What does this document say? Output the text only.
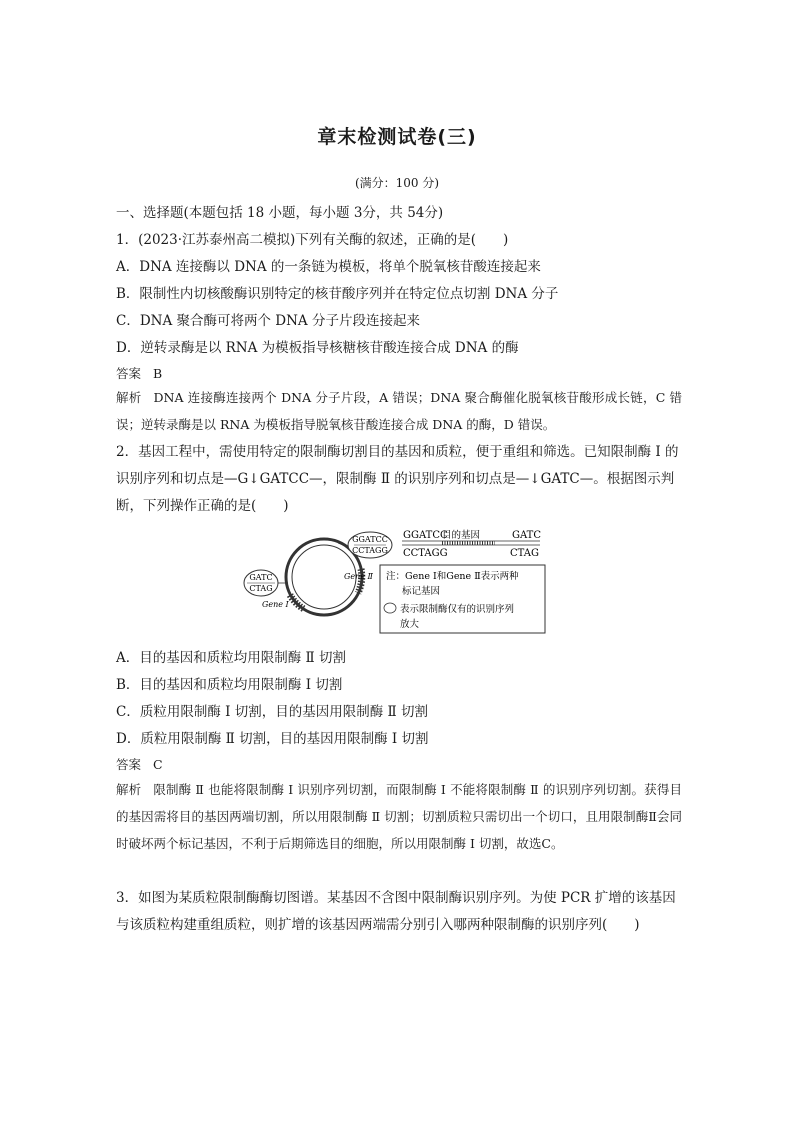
章末检测试卷(三)
(满分：100 分)
一、选择题(本题包括 18 小题，每小题 3分，共 54分)
1．(2023·江苏泰州高二模拟)下列有关酶的叙述，正确的是(　　)
A．DNA 连接酶以 DNA 的一条链为模板，将单个脱氧核苷酸连接起来
B．限制性内切核酸酶识别特定的核苷酸序列并在特定位点切割 DNA 分子
C．DNA 聚合酶可将两个 DNA 分子片段连接起来
D．逆转录酶是以 RNA 为模板指导核糖核苷酸连接合成 DNA 的酶
答案 B
解析 DNA 连接酶连接两个 DNA 分子片段，A 错误；DNA 聚合酶催化脱氧核苷酸形成长链，C 错误；逆转录酶是以 RNA 为模板指导脱氧核苷酸连接合成 DNA 的酶，D 错误。
2．基因工程中，需使用特定的限制酶切割目的基因和质粒，便于重组和筛选。已知限制酶 Ⅰ 的识别序列和切点是—G↓GATCC—，限制酶 Ⅱ 的识别序列和切点是—↓GATC—。根据图示判断，下列操作正确的是(　　)
GGATCC
CCTAGG
GATC
CTAG
Gene Ⅰ
Gene Ⅱ
GGATCC
目的基因	GATC
CCTAGG	CTAG
注：Gene Ⅰ和Gene Ⅱ表示两种
标记基因
表示限制酶仅有的识别序列
放大
A．目的基因和质粒均用限制酶 Ⅱ 切割
B．目的基因和质粒均用限制酶 Ⅰ 切割
C．质粒用限制酶 Ⅰ 切割，目的基因用限制酶 Ⅱ 切割
D．质粒用限制酶 Ⅱ 切割，目的基因用限制酶 Ⅰ 切割
答案 C
解析 限制酶 Ⅱ 也能将限制酶 Ⅰ 识别序列切割，而限制酶 Ⅰ 不能将限制酶 Ⅱ 的识别序列切割。获得目的基因需将目的基因两端切割，所以用限制酶 Ⅱ 切割；切割质粒只需切出一个切口，且用限制酶Ⅱ会同时破坏两个标记基因，不利于后期筛选目的细胞，所以用限制酶 Ⅰ 切割，故选C。
3．如图为某质粒限制酶酶切图谱。某基因不含图中限制酶识别序列。为使 PCR 扩增的该基因与该质粒构建重组质粒，则扩增的该基因两端需分别引入哪两种限制酶的识别序列(　　)
